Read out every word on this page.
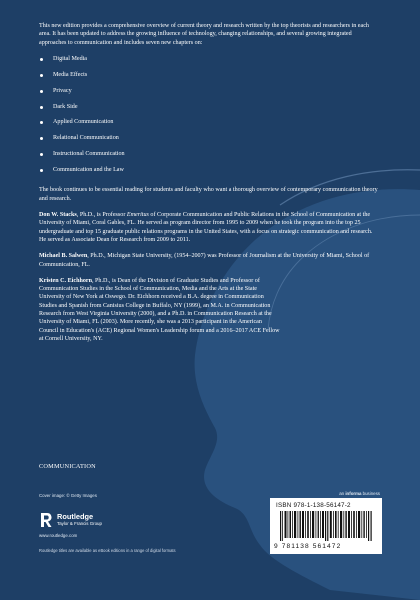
This new edition provides a comprehensive overview of current theory and research written by the top theorists and researchers in each area. It has been updated to address the growing influence of technology, changing relationships, and several growing integrated approaches to communication and includes seven new chapters on:

Digital Media
Media Effects
Privacy
Dark Side
Applied Communication
Relational Communication
Instructional Communication
Communication and the Law

The book continues to be essential reading for students and faculty who want a thorough overview of contemporary communication theory and research.

Don W. Stacks, Ph.D., is Professor Emeritus of Corporate Communication and Public Relations in the School of Communication at the University of Miami, Coral Gables, FL. He served as program director from 1995 to 2009 when he took the program into the top 25 undergraduate and top 15 graduate public relations programs in the United States, with a focus on strategic communication and research. He served as Associate Dean for Research from 2009 to 2011.

Michael B. Salwen, Ph.D., Michigan State University, (1954–2007) was Professor of Journalism at the University of Miami, School of Communication, FL.

Kristen C. Eichhorn, Ph.D., is Dean of the Division of Graduate Studies and Professor of Communication Studies in the School of Communication, Media and the Arts at the State University of New York at Oswego. Dr. Eichhorn received a B.A. degree in Communication Studies and Spanish from Canisius College in Buffalo, NY (1999), an M.A. in Communication Research from West Virginia University (2000), and a Ph.D. in Communication Research at the University of Miami, FL (2003). More recently, she was a 2013 participant in the American Council in Education's (ACE) Regional Women's Leadership forum and a 2016–2017 ACE Fellow at Cornell University, NY.

COMMUNICATION
Cover image: © Getty Images
Routledge
Taylor & Francis Group
www.routledge.com
Routledge titles are available as eBook editions in a range of digital formats
an informa business
ISBN 978-1-138-56147-2
9 781138 561472
